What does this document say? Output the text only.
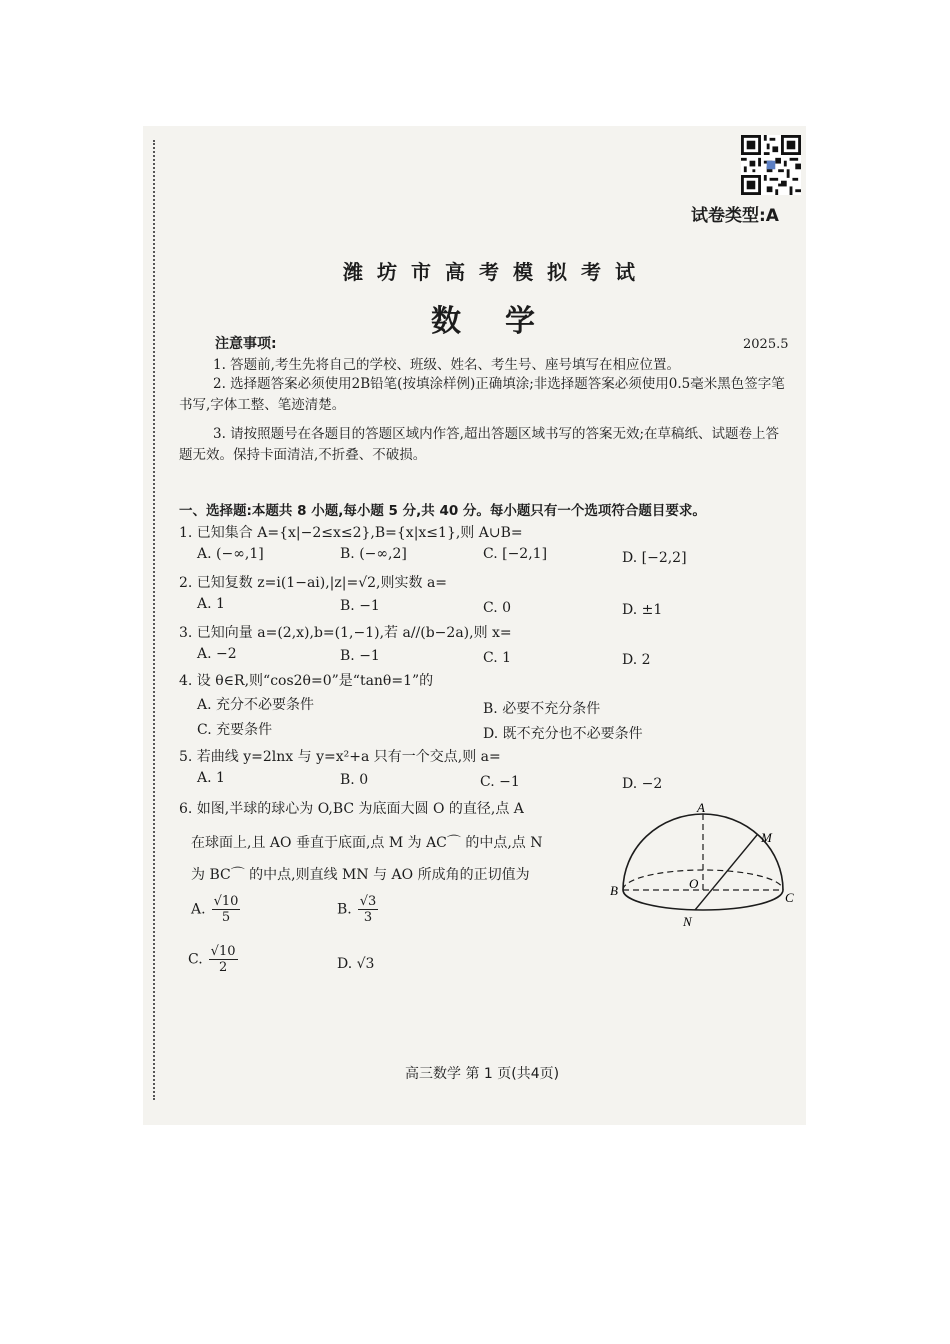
试卷类型:A
潍坊市高考模拟考试
数学
注意事项:	2025.5
1. 答题前,考生先将自己的学校、班级、姓名、考生号、座号填写在相应位置。
2. 选择题答案必须使用2B铅笔(按填涂样例)正确填涂;非选择题答案必须使用0.5毫米黑色签字笔书写,字体工整、笔迹清楚。
3. 请按照题号在各题目的答题区域内作答,超出答题区域书写的答案无效;在草稿纸、试题卷上答题无效。保持卡面清洁,不折叠、不破损。
一、选择题:本题共 8 小题,每小题 5 分,共 40 分。每小题只有一个选项符合题目要求。
1. 已知集合 A={x|−2≤x≤2},B={x|x≤1},则 A∪B=
A. (−∞,1]	B. (−∞,2]	C. [−2,1]	D. [−2,2]
2. 已知复数 z=i(1−ai),|z|=√2,则实数 a=
A. 1	B. −1	C. 0	D. ±1
3. 已知向量 a=(2,x),b=(1,−1),若 a//(b−2a),则 x=
A. −2	B. −1	C. 1	D. 2
4. 设 θ∈R,则“cos2θ=0”是“tanθ=1”的
A. 充分不必要条件	B. 必要不充分条件
C. 充要条件	D. 既不充分也不必要条件
5. 若曲线 y=2lnx 与 y=x²+a 只有一个交点,则 a=
A. 1	B. 0	C. −1	D. −2
6. 如图,半球的球心为 O,BC 为底面大圆 O 的直径,点 A
在球面上,且 AO 垂直于底面,点 M 为 AC⌒ 的中点,点 N
为 BC⌒ 的中点,则直线 MN 与 AO 所成角的正切值为
A. $\frac{√10}{5}$	B. $\frac{√3}{3}$
C. $\frac{√10}{2}$	D. √3
A
M
B	O
C
N
高三数学 第 1 页(共4页)
